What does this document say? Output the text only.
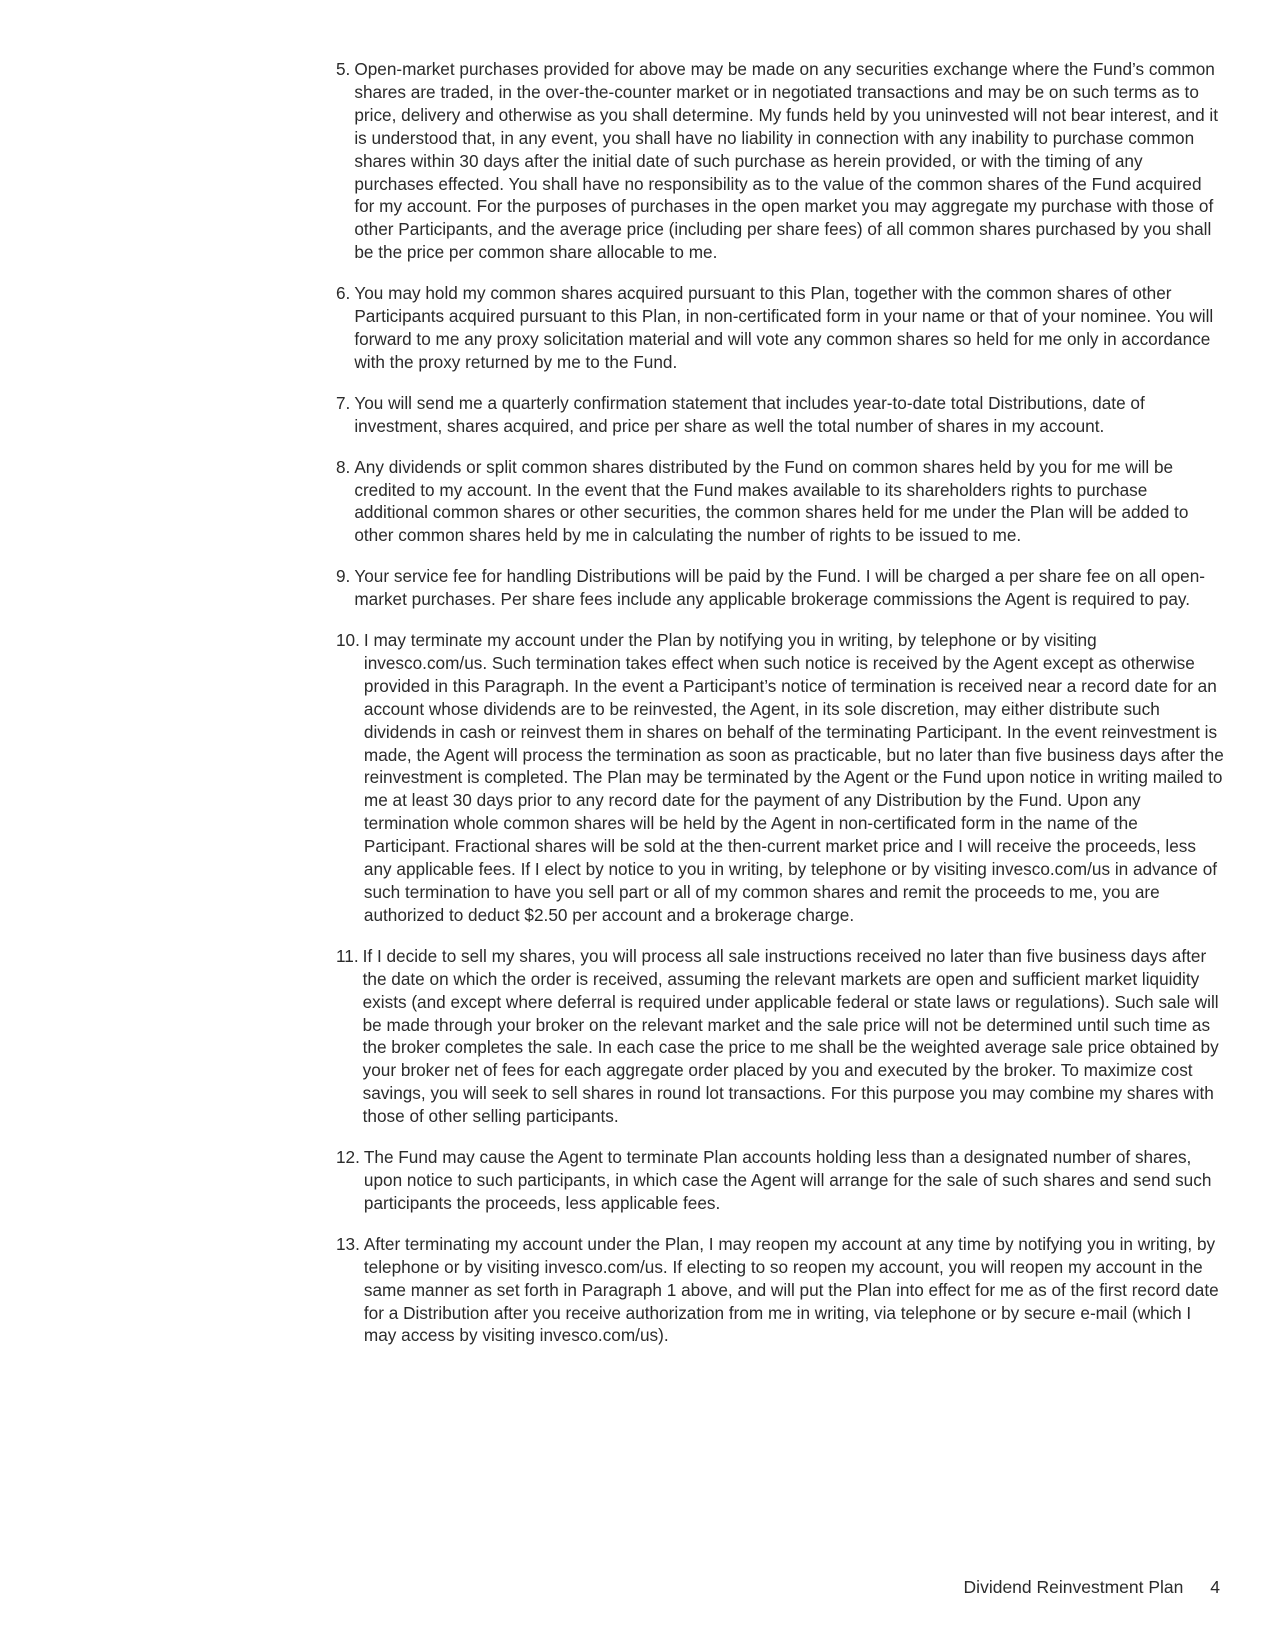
5. Open-market purchases provided for above may be made on any securities exchange where the Fund’s common shares are traded, in the over-the-counter market or in negotiated transactions and may be on such terms as to price, delivery and otherwise as you shall determine. My funds held by you uninvested will not bear interest, and it is understood that, in any event, you shall have no liability in connection with any inability to purchase common shares within 30 days after the initial date of such purchase as herein provided, or with the timing of any purchases effected. You shall have no responsibility as to the value of the common shares of the Fund acquired for my account. For the purposes of purchases in the open market you may aggregate my purchase with those of other Participants, and the average price (including per share fees) of all common shares purchased by you shall be the price per common share allocable to me.
6. You may hold my common shares acquired pursuant to this Plan, together with the common shares of other Participants acquired pursuant to this Plan, in non-certificated form in your name or that of your nominee. You will forward to me any proxy solicitation material and will vote any common shares so held for me only in accordance with the proxy returned by me to the Fund.
7. You will send me a quarterly confirmation statement that includes year-to-date total Distributions, date of investment, shares acquired, and price per share as well the total number of shares in my account.
8. Any dividends or split common shares distributed by the Fund on common shares held by you for me will be credited to my account. In the event that the Fund makes available to its shareholders rights to purchase additional common shares or other securities, the common shares held for me under the Plan will be added to other common shares held by me in calculating the number of rights to be issued to me.
9. Your service fee for handling Distributions will be paid by the Fund. I will be charged a per share fee on all open-market purchases. Per share fees include any applicable brokerage commissions the Agent is required to pay.
10. I may terminate my account under the Plan by notifying you in writing, by telephone or by visiting invesco.com/us. Such termination takes effect when such notice is received by the Agent except as otherwise provided in this Paragraph. In the event a Participant’s notice of termination is received near a record date for an account whose dividends are to be reinvested, the Agent, in its sole discretion, may either distribute such dividends in cash or reinvest them in shares on behalf of the terminating Participant. In the event reinvestment is made, the Agent will process the termination as soon as practicable, but no later than five business days after the reinvestment is completed. The Plan may be terminated by the Agent or the Fund upon notice in writing mailed to me at least 30 days prior to any record date for the payment of any Distribution by the Fund. Upon any termination whole common shares will be held by the Agent in non-certificated form in the name of the Participant. Fractional shares will be sold at the then-current market price and I will receive the proceeds, less any applicable fees. If I elect by notice to you in writing, by telephone or by visiting invesco.com/us in advance of such termination to have you sell part or all of my common shares and remit the proceeds to me, you are authorized to deduct $2.50 per account and a brokerage charge.
11. If I decide to sell my shares, you will process all sale instructions received no later than five business days after the date on which the order is received, assuming the relevant markets are open and sufficient market liquidity exists (and except where deferral is required under applicable federal or state laws or regulations). Such sale will be made through your broker on the relevant market and the sale price will not be determined until such time as the broker completes the sale. In each case the price to me shall be the weighted average sale price obtained by your broker net of fees for each aggregate order placed by you and executed by the broker. To maximize cost savings, you will seek to sell shares in round lot transactions. For this purpose you may combine my shares with those of other selling participants.
12. The Fund may cause the Agent to terminate Plan accounts holding less than a designated number of shares, upon notice to such participants, in which case the Agent will arrange for the sale of such shares and send such participants the proceeds, less applicable fees.
13. After terminating my account under the Plan, I may reopen my account at any time by notifying you in writing, by telephone or by visiting invesco.com/us. If electing to so reopen my account, you will reopen my account in the same manner as set forth in Paragraph 1 above, and will put the Plan into effect for me as of the first record date for a Distribution after you receive authorization from me in writing, via telephone or by secure e-mail (which I may access by visiting invesco.com/us).
Dividend Reinvestment Plan 4
